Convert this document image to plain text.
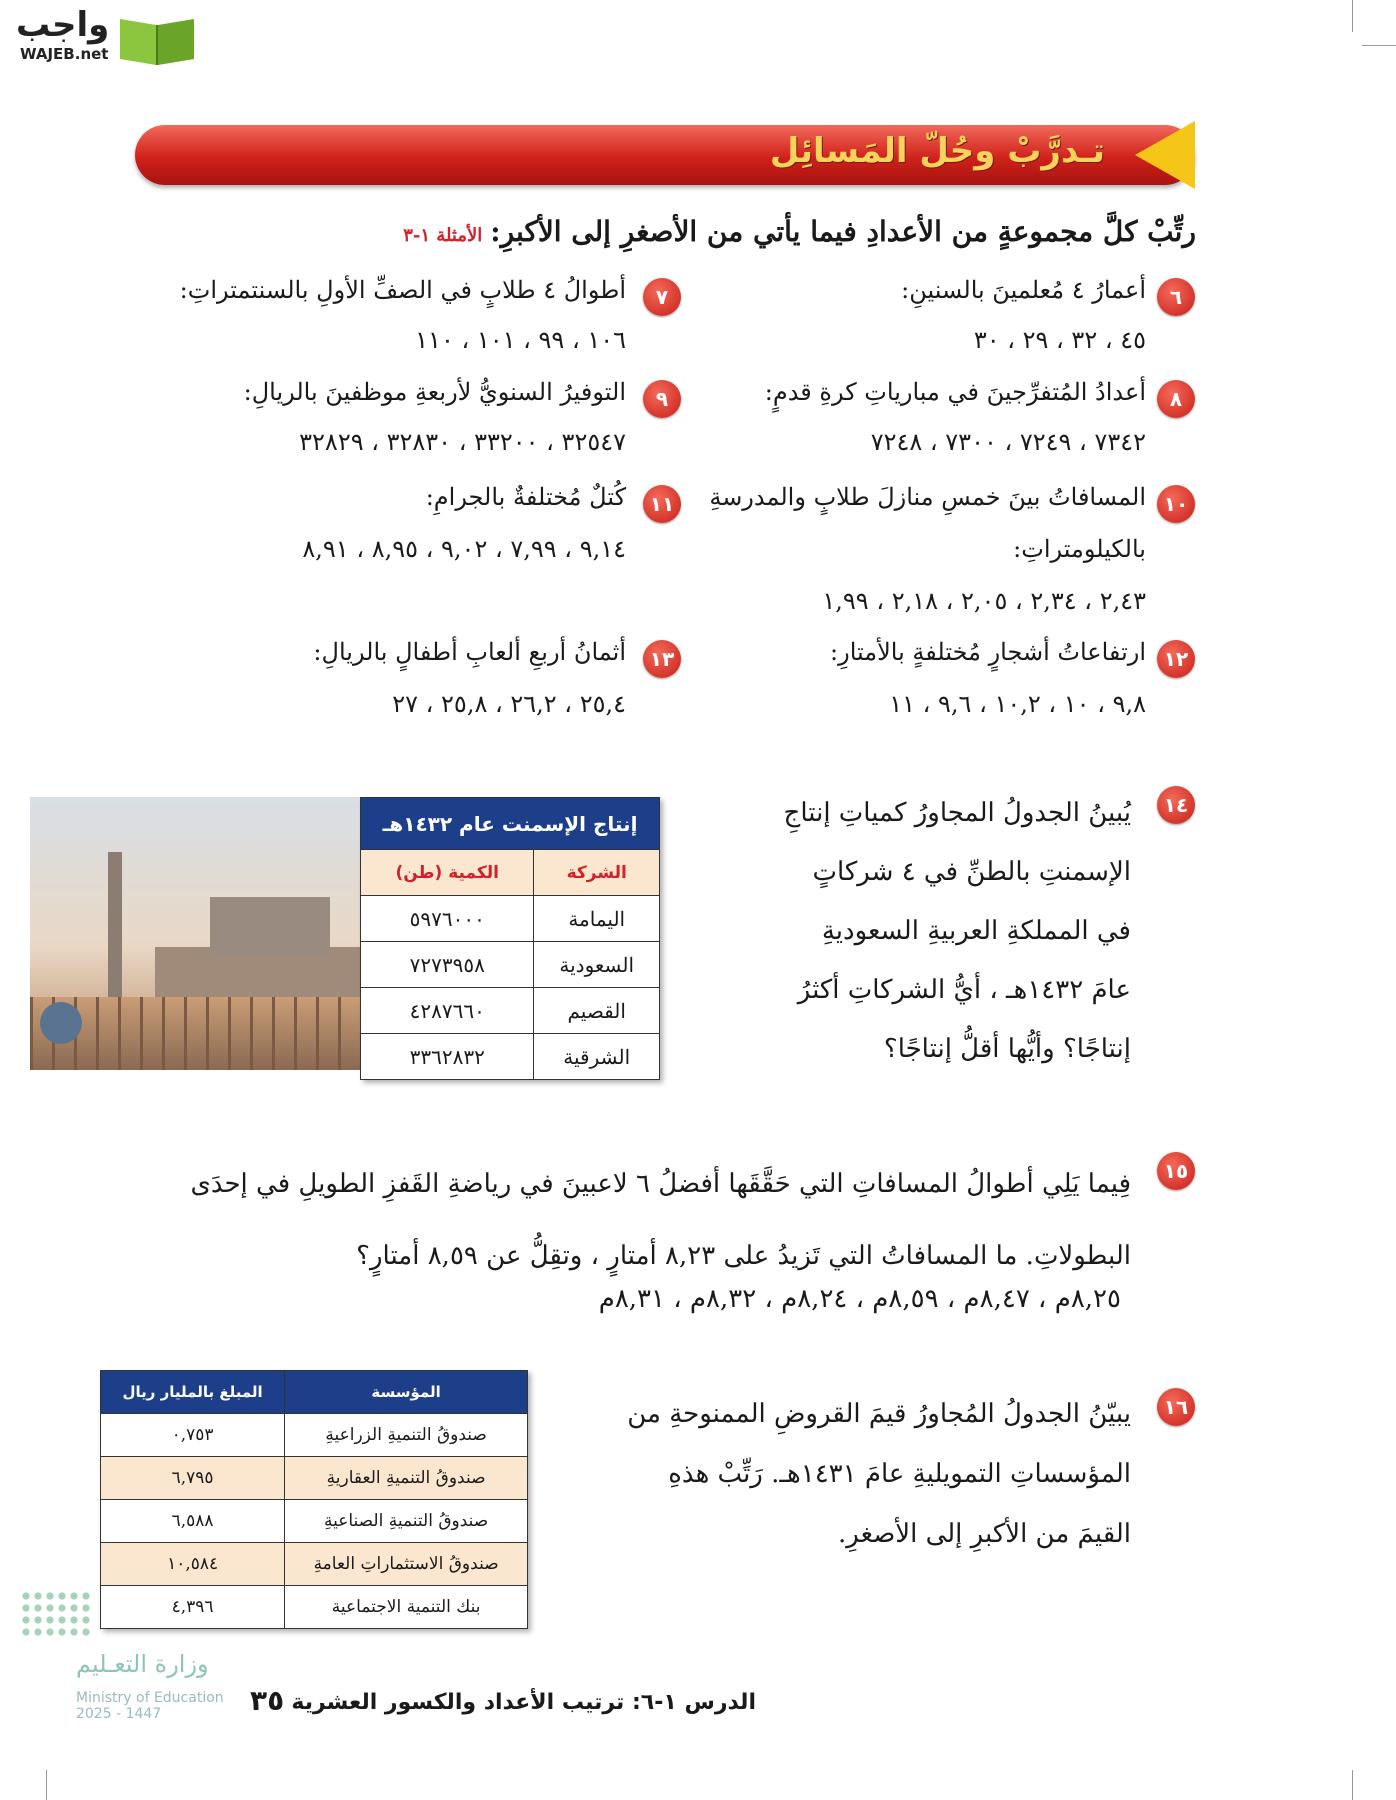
واجب
WAJEB.net
تـدرَّبْ وحُلّ المَسائِل
رتِّبْ كلَّ مجموعةٍ من الأعدادِ فيما يأتي من الأصغرِ إلى الأكبرِ:الأمثلة ١-٣
٦
أعمارُ ٤ مُعلمينَ بالسنينِ:
٤٥ ، ٣٢ ، ٢٩ ، ٣٠
٧
أطوالُ ٤ طلابٍ في الصفِّ الأولِ بالسنتمتراتِ:
١٠٦ ، ٩٩ ، ١٠١ ، ١١٠
٨
أعدادُ المُتفرِّجينَ في مبارياتِ كرةِ قدمٍ:
٧٣٤٢ ، ٧٢٤٩ ، ٧٣٠٠ ، ٧٢٤٨
٩
التوفيرُ السنويُّ لأربعةِ موظفينَ بالريالِ:
٣٢٥٤٧ ، ٣٣٢٠٠ ، ٣٢٨٣٠ ، ٣٢٨٢٩
١٠
المسافاتُ بينَ خمسِ منازلَ طلابٍ والمدرسةِ
بالكيلومتراتِ:
٢,٤٣ ، ٢,٣٤ ، ٢,٠٥ ، ٢,١٨ ، ١,٩٩
١١
كُتلٌ مُختلفةٌ بالجرامِ:
٩,١٤ ، ٧,٩٩ ، ٩,٠٢ ، ٨,٩٥ ، ٨,٩١
١٢
ارتفاعاتُ أشجارٍ مُختلفةٍ بالأمتارِ:
٩,٨ ، ١٠ ، ١٠,٢ ، ٩,٦ ، ١١
١٣
أثمانُ أربعِ ألعابِ أطفالٍ بالريالِ:
٢٥,٤ ، ٢٦,٢ ، ٢٥,٨ ، ٢٧
١٤
يُبينُ الجدولُ المجاورُ كمياتِ إنتاجِ
الإسمنتِ بالطنِّ في ٤ شركاتٍ
في المملكةِ العربيةِ السعوديةِ
عامَ ١٤٣٢هـ ، أيُّ الشركاتِ أكثرُ
إنتاجًا؟ وأيُّها أقلُّ إنتاجًا؟
إنتاج الإسمنت عام ١٤٣٢هـ	
الشركة	الكمية (طن)
اليمامة	٥٩٧٦٠٠٠
السعودية	٧٢٧٣٩٥٨
القصيم	٤٢٨٧٦٦٠
الشرقية	٣٣٦٢٨٣٢
١٥
فِيما يَلِي أطوالُ المسافاتِ التي حَقَّقَها أفضلُ ٦ لاعبينَ في رياضةِ القَفزِ الطويلِ في إحدَى
البطولاتِ. ما المسافاتُ التي تَزيدُ على ٨,٢٣ أمتارٍ ، وتقِلُّ عن ٨,٥٩ أمتارٍ؟
٨,٢٥م ، ٨,٤٧م ، ٨,٥٩م ، ٨,٢٤م ، ٨,٣٢م ، ٨,٣١م
١٦
يبيّنُ الجدولُ المُجاورُ قيمَ القروضِ الممنوحةِ من
المؤسساتِ التمويليةِ عامَ ١٤٣١هـ. رَتِّبْ هذهِ
القيمَ من الأكبرِ إلى الأصغرِ.
المؤسسة	المبلغ بالمليار ريال
صندوقُ التنميةِ الزراعيةِ	٠,٧٥٣
صندوقُ التنميةِ العقاريةِ	٦,٧٩٥
صندوقُ التنميةِ الصناعيةِ	٦,٥٨٨
صندوقُ الاستثماراتِ العامةِ	١٠,٥٨٤
بنك التنمية الاجتماعية	٤,٣٩٦
وزارة التعـليم
Ministry of Education
2025 - 1447	٣٥ الدرس ١-٦: ترتيب الأعداد والكسور العشرية
